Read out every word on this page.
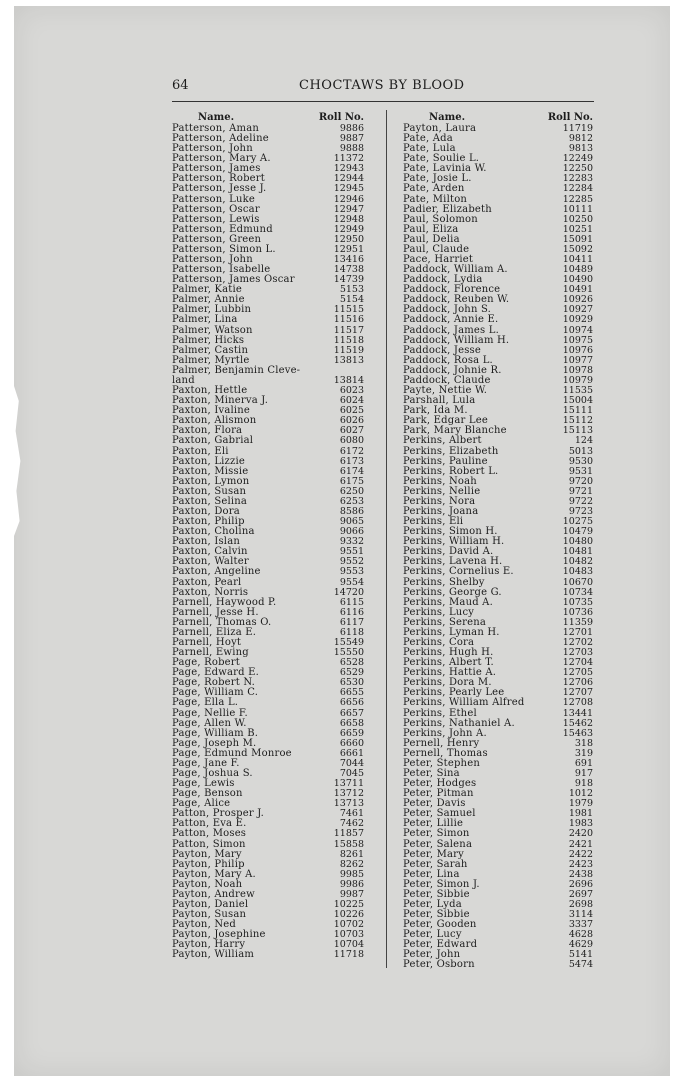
64	CHOCTAWS BY BLOOD
Name.	Roll No.
Patterson, Aman	9886
Patterson, Adeline	9887
Patterson, John	9888
Patterson, Mary A.	11372
Patterson, James	12943
Patterson, Robert	12944
Patterson, Jesse J.	12945
Patterson, Luke	12946
Patterson, Oscar	12947
Patterson, Lewis	12948
Patterson, Edmund	12949
Patterson, Green	12950
Patterson, Simon L.	12951
Patterson, John	13416
Patterson, Isabelle	14738
Patterson, James Oscar	14739
Palmer, Katie	5153
Palmer, Annie	5154
Palmer, Lubbin	11515
Palmer, Lina	11516
Palmer, Watson	11517
Palmer, Hicks	11518
Palmer, Castin	11519
Palmer, Myrtle	13813
Palmer, Benjamin Cleve-land	13814
Paxton, Hettle	6023
Paxton, Minerva J.	6024
Paxton, Ivaline	6025
Paxton, Alismon	6026
Paxton, Flora	6027
Paxton, Gabrial	6080
Paxton, Eli	6172
Paxton, Lizzie	6173
Paxton, Missie	6174
Paxton, Lymon	6175
Paxton, Susan	6250
Paxton, Selina	6253
Paxton, Dora	8586
Paxton, Philip	9065
Paxton, Cholina	9066
Paxton, Islan	9332
Paxton, Calvin	9551
Paxton, Walter	9552
Paxton, Angeline	9553
Paxton, Pearl	9554
Paxton, Norris	14720
Parnell, Haywood P.	6115
Parnell, Jesse H.	6116
Parnell, Thomas O.	6117
Parnell, Eliza E.	6118
Parnell, Hoyt	15549
Parnell, Ewing	15550
Page, Robert	6528
Page, Edward E.	6529
Page, Robert N.	6530
Page, William C.	6655
Page, Ella L.	6656
Page, Nellie F.	6657
Page, Allen W.	6658
Page, William B.	6659
Page, Joseph M.	6660
Page, Edmund Monroe	6661
Page, Jane F.	7044
Page, Joshua S.	7045
Page, Lewis	13711
Page, Benson	13712
Page, Alice	13713
Patton, Prosper J.	7461
Patton, Eva E.	7462
Patton, Moses	11857
Patton, Simon	15858
Payton, Mary	8261
Payton, Philip	8262
Payton, Mary A.	9985
Payton, Noah	9986
Payton, Andrew	9987
Payton, Daniel	10225
Payton, Susan	10226
Payton, Ned	10702
Payton, Josephine	10703
Payton, Harry	10704
Payton, William	11718
Name.	Roll No.
Payton, Laura	11719
Pate, Ada	9812
Pate, Lula	9813
Pate, Soulie L.	12249
Pate, Lavinia W.	12250
Pate, Josie L.	12283
Pate, Arden	12284
Pate, Milton	12285
Padier, Elizabeth	10111
Paul, Solomon	10250
Paul, Eliza	10251
Paul, Delia	15091
Paul, Claude	15092
Pace, Harriet	10411
Paddock, William A.	10489
Paddock, Lydia	10490
Paddock, Florence	10491
Paddock, Reuben W.	10926
Paddock, John S.	10927
Paddock, Annie E.	10929
Paddock, James L.	10974
Paddock, William H.	10975
Paddock, Jesse	10976
Paddock, Rosa L.	10977
Paddock, Johnie R.	10978
Paddock, Claude	10979
Payte, Nettie W.	11535
Parshall, Lula	15004
Park, Ida M.	15111
Park, Edgar Lee	15112
Park, Mary Blanche	15113
Perkins, Albert	124
Perkins, Elizabeth	5013
Perkins, Pauline	9530
Perkins, Robert L.	9531
Perkins, Noah	9720
Perkins, Nellie	9721
Perkins, Nora	9722
Perkins, Joana	9723
Perkins, Eli	10275
Perkins, Simon H.	10479
Perkins, William H.	10480
Perkins, David A.	10481
Perkins, Lavena H.	10482
Perkins, Cornelius E.	10483
Perkins, Shelby	10670
Perkins, George G.	10734
Perkins, Maud A.	10735
Perkins, Lucy	10736
Perkins, Serena	11359
Perkins, Lyman H.	12701
Perkins, Cora	12702
Perkins, Hugh H.	12703
Perkins, Albert T.	12704
Perkins, Hattie A.	12705
Perkins, Dora M.	12706
Perkins, Pearly Lee	12707
Perkins, William Alfred	12708
Perkins, Ethel	13441
Perkins, Nathaniel A.	15462
Perkins, John A.	15463
Pernell, Henry	318
Pernell, Thomas	319
Peter, Stephen	691
Peter, Sina	917
Peter, Hodges	918
Peter, Pitman	1012
Peter, Davis	1979
Peter, Samuel	1981
Peter, Lillie	1983
Peter, Simon	2420
Peter, Salena	2421
Peter, Mary	2422
Peter, Sarah	2423
Peter, Lina	2438
Peter, Simon J.	2696
Peter, Sibbie	2697
Peter, Lyda	2698
Peter, Sibbie	3114
Peter, Gooden	3337
Peter, Lucy	4628
Peter, Edward	4629
Peter, John	5141
Peter, Osborn	5474
